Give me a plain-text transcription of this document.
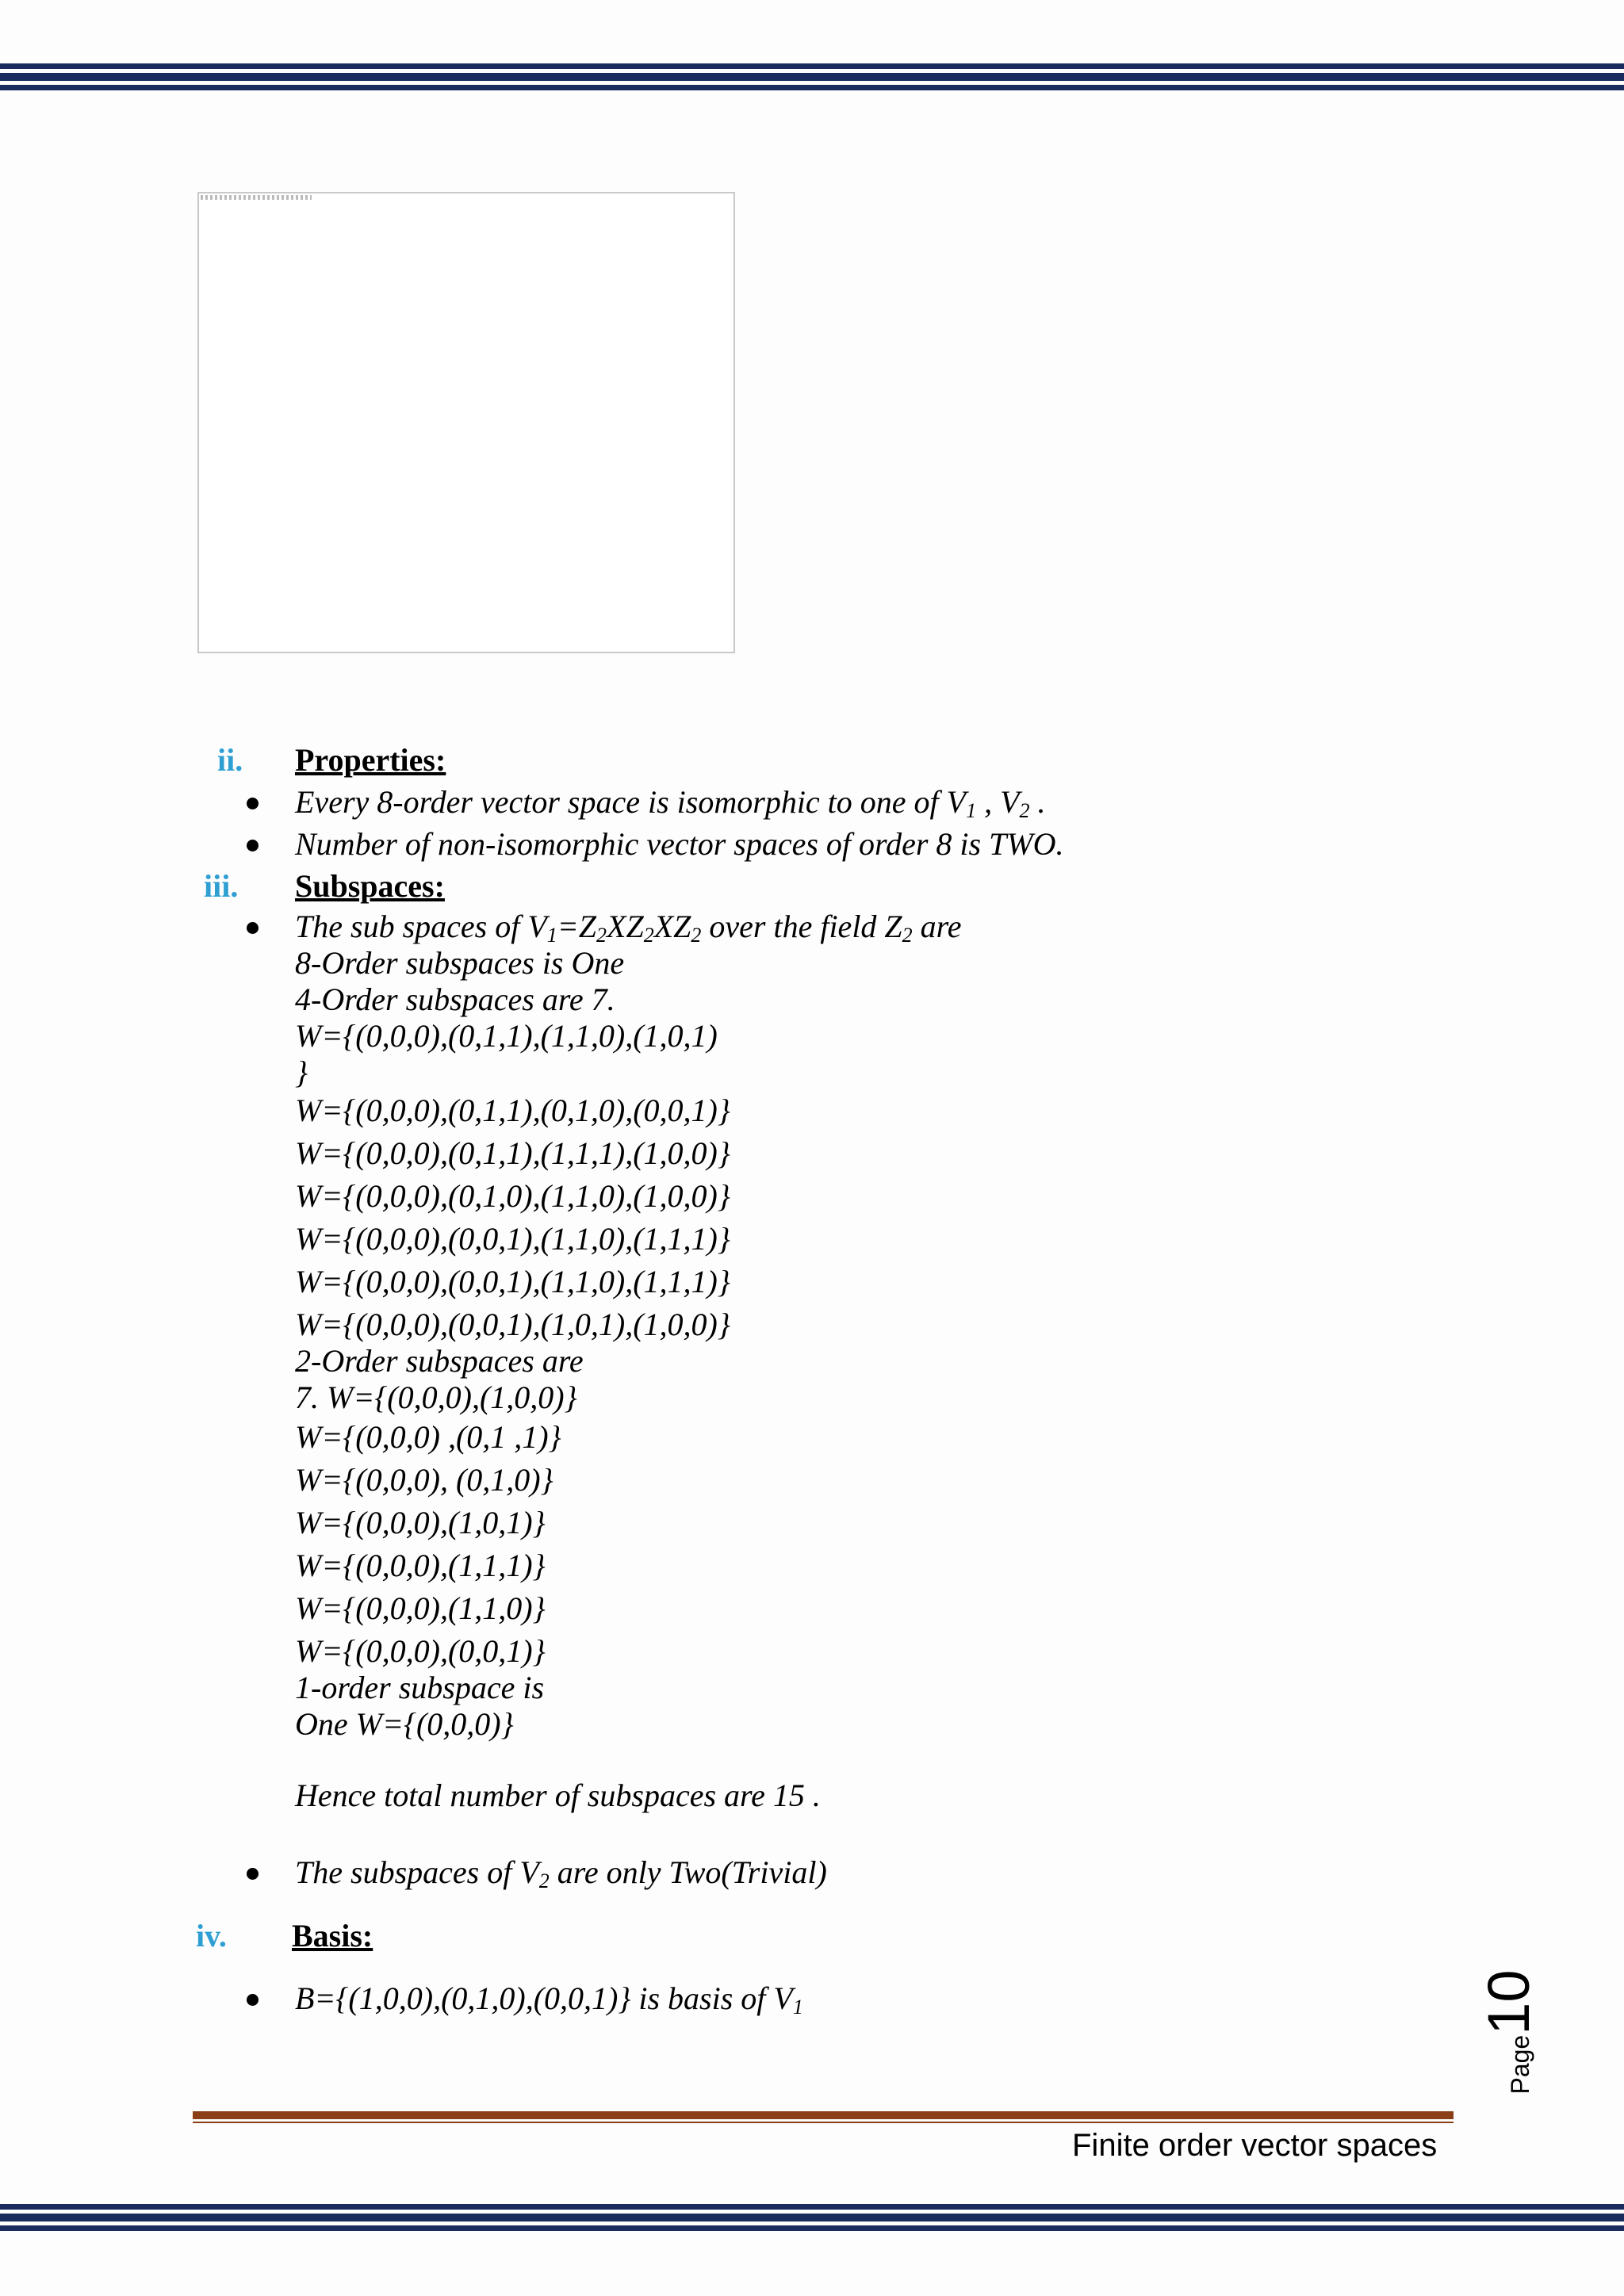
ii. Properties:
Every 8-order vector space is isomorphic to one of $V_1$ , $V_2$ .
Number of non-isomorphic vector spaces of order 8 is TWO.
iii. Subspaces:
The sub spaces of $V_1=Z_2XZ_2XZ_2$ over the field $Z_2$ are
8-Order subspaces is One
4-Order subspaces are 7.
W={(0,0,0),(0,1,1),(1,1,0),(1,0,1)
}
W={(0,0,0),(0,1,1),(0,1,0),(0,0,1)}
W={(0,0,0),(0,1,1),(1,1,1),(1,0,0)}
W={(0,0,0),(0,1,0),(1,1,0),(1,0,0)}
W={(0,0,0),(0,0,1),(1,1,0),(1,1,1)}
W={(0,0,0),(0,0,1),(1,1,0),(1,1,1)}
W={(0,0,0),(0,0,1),(1,0,1),(1,0,0)}
2-Order subspaces are
7. W={(0,0,0),(1,0,0)}
W={(0,0,0) ,(0,1 ,1)}
W={(0,0,0), (0,1,0)}
W={(0,0,0),(1,0,1)}
W={(0,0,0),(1,1,1)}
W={(0,0,0),(1,1,0)}
W={(0,0,0),(0,0,1)}
1-order subspace is
One W={(0,0,0)}
Hence total number of subspaces are 15 .
The subspaces of $V_2$ are only Two(Trivial)
iv. Basis:
B={(1,0,0),(0,1,0),(0,0,1)} is basis of $V_1$
Page
10
Finite order vector spaces
